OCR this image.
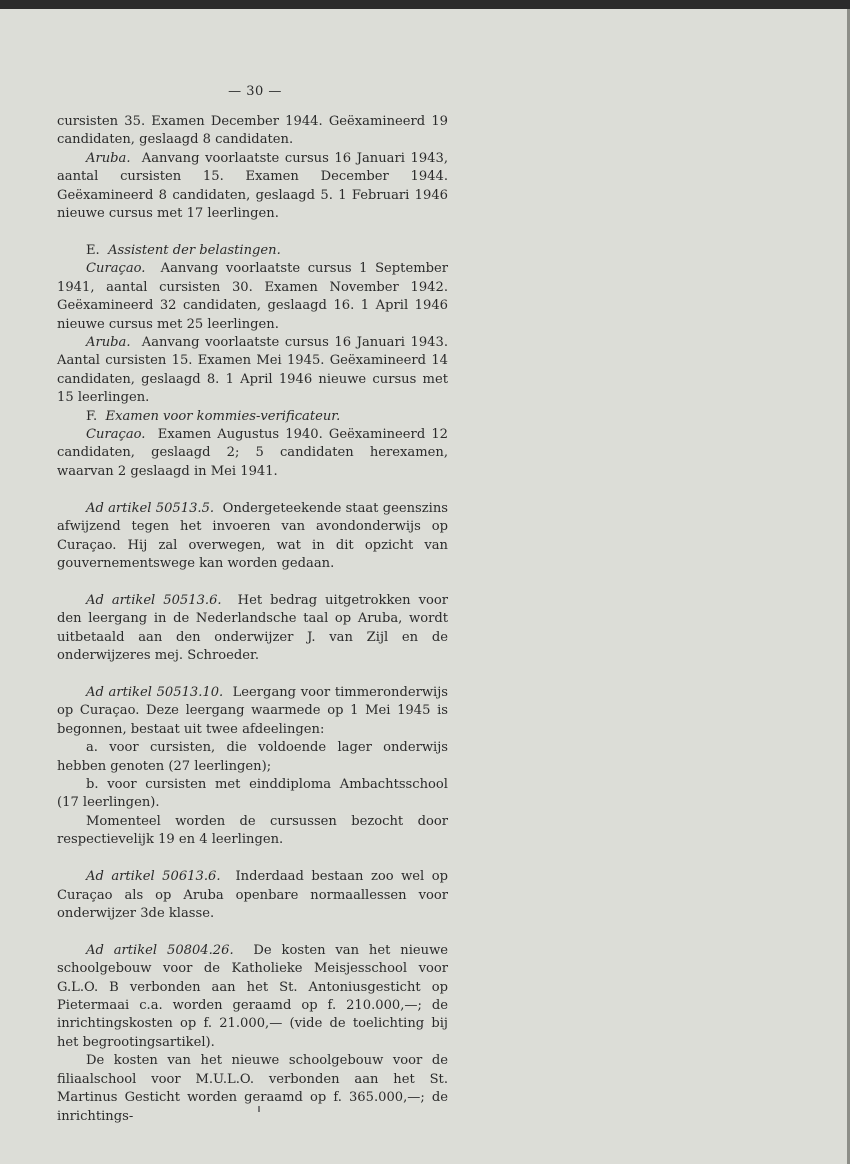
— 30 —

cursisten 35. Examen December 1944. Geëxamineerd 19 candidaten, geslaagd 8 candidaten.

Aruba. Aanvang voorlaatste cursus 16 Januari 1943, aantal cursisten 15. Examen December 1944. Geëxamineerd 8 candidaten, geslaagd 5. 1 Februari 1946 nieuwe cursus met 17 leerlingen.

E. Assistent der belastingen.

Curaçao. Aanvang voorlaatste cursus 1 September 1941, aantal cursisten 30. Examen November 1942. Geëxamineerd 32 candidaten, geslaagd 16. 1 April 1946 nieuwe cursus met 25 leerlingen.

Aruba. Aanvang voorlaatste cursus 16 Januari 1943. Aantal cursisten 15. Examen Mei 1945. Geëxamineerd 14 candidaten, geslaagd 8. 1 April 1946 nieuwe cursus met 15 leerlingen.

F. Examen voor kommies-verificateur.

Curaçao. Examen Augustus 1940. Geëxamineerd 12 candidaten, geslaagd 2; 5 candidaten herexamen, waarvan 2 geslaagd in Mei 1941.

Ad artikel 50513.5. Ondergeteekende staat geenszins afwijzend tegen het invoeren van avondonderwijs op Curaçao. Hij zal overwegen, wat in dit opzicht van gouvernementswege kan worden gedaan.

Ad artikel 50513.6. Het bedrag uitgetrokken voor den leergang in de Nederlandsche taal op Aruba, wordt uitbetaald aan den onderwijzer J. van Zijl en de onderwijzeres mej. Schroeder.

Ad artikel 50513.10. Leergang voor timmeronderwijs op Curaçao. Deze leergang waarmede op 1 Mei 1945 is begonnen, bestaat uit twee afdeelingen:

a. voor cursisten, die voldoende lager onderwijs hebben genoten (27 leerlingen);

b. voor cursisten met einddiploma Ambachtsschool (17 leerlingen).

Momenteel worden de cursussen bezocht door respectievelijk 19 en 4 leerlingen.

Ad artikel 50613.6. Inderdaad bestaan zoo wel op Curaçao als op Aruba openbare normaallessen voor onderwijzer 3de klasse.

Ad artikel 50804.26. De kosten van het nieuwe schoolgebouw voor de Katholieke Meisjesschool voor G.L.O. B verbonden aan het St. Antoniusgesticht op Pietermaai c.a. worden geraamd op f. 210.000,—; de inrichtingskosten op f. 21.000,— (vide de toelichting bij het begrootingsartikel).

De kosten van het nieuwe schoolgebouw voor de filiaalschool voor M.U.L.O. verbonden aan het St. Martinus Gesticht worden geraamd op f. 365.000,—; de inrichtings-
